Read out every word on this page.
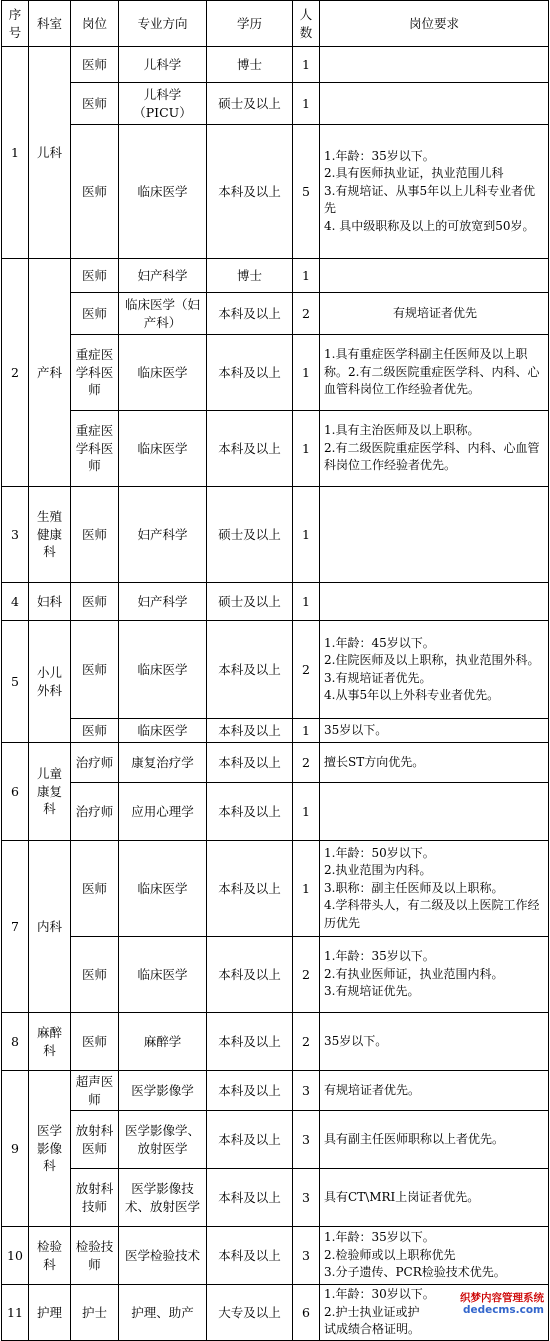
序号	科室	岗位	专业方向	学历	人数	岗位要求
1	儿科	医师	儿科学	博士	1	
		医师	儿科学（PICU）	硕士及以上	1	
		医师	临床医学	本科及以上	5	1.年龄：35岁以下。
2.具有医师执业证，执业范围儿科
3.有规培证、从事5年以上儿科专业者优先
4. 具中级职称及以上的可放宽到50岁。

2	产科	医师	妇产科学	博士	1	
		医师	临床医学（妇产科）	本科及以上	2	有规培证者优先

		重症医学科医师	临床医学	本科及以上	1	1.具有重症医学科副主任医师及以上职称。2.有二级医院重症医学科、内科、心血管科岗位工作经验者优先。

		重症医学科医师	临床医学	本科及以上	1	1.具有主治医师及以上职称。
2.有二级医院重症医学科、内科、心血管科岗位工作经验者优先。

3	生殖健康科	医师	妇产科学	硕士及以上	1	
4	妇科	医师	妇产科学	硕士及以上	1	
5	小儿外科	医师	临床医学	本科及以上	2	1.年龄：45岁以下。
2.住院医师及以上职称，执业范围外科。
3.有规培证者优先。
4.从事5年以上外科专业者优先。

		医师	临床医学	本科及以上	1	35岁以下。

6	儿童康复科	治疗师	康复治疗学	本科及以上	2	擅长ST方向优先。

		治疗师	应用心理学	本科及以上	1	
7	内科	医师	临床医学	本科及以上	1	1.年龄：50岁以下。
2.执业范围为内科。
3.职称：副主任医师及以上职称。
4.学科带头人，有二级及以上医院工作经历优先

		医师	临床医学	本科及以上	2	1.年龄：35岁以下。
2.有执业医师证，执业范围内科。
3.有规培证优先。

8	麻醉科	医师	麻醉学	本科及以上	2	35岁以下。

9	医学影像科	超声医师	医学影像学	本科及以上	3	有规培证者优先。

		放射科医师	医学影像学、放射医学	本科及以上	3	具有副主任医师职称以上者优先。

		放射科技师	医学影像技术、放射医学	本科及以上	3	具有CT\MRI上岗证者优先。

10	检验科	检验技师	医学检验技术	本科及以上	3	1.年龄：35岁以下。
2.检验师或以上职称优先
3.分子遗传、PCR检验技术优先。

11	护理	护士	护理、助产	大专及以上	6	1.年龄：30岁以下。
2.护士执业证或护
试成绩合格证明。
织梦内容管理系统
dedecms.com
